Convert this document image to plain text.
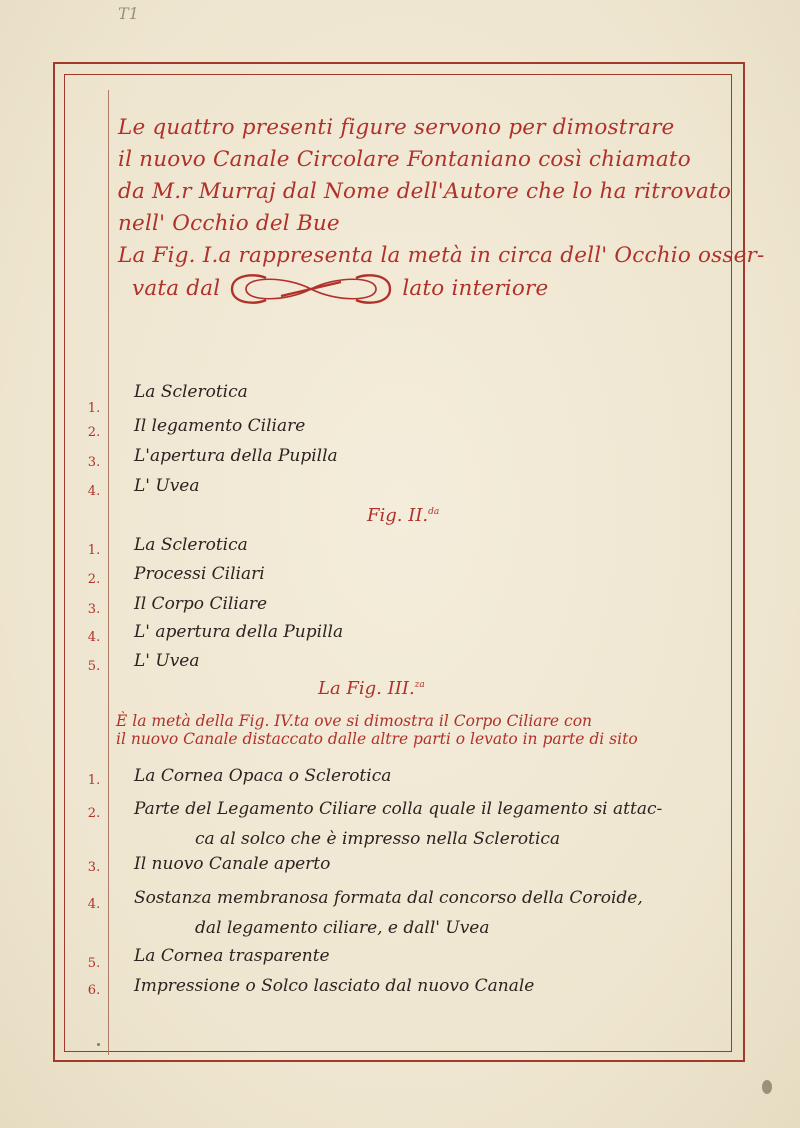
T1
Le quattro presenti figure servono per dimostrare
il nuovo Canale Circolare Fontaniano così chiamato
da M.r Murraj dal Nome dell'Autore che lo ha ritrovato
nell' Occhio del Bue
La Fig. I.a rappresenta la metà in circa dell' Occhio osser-
vata dal	lato interiore
1.
La Sclerotica
2. Il legamento Ciliare
3. L'apertura della Pupilla
4. L' Uvea
Fig. II.$^{da}$
1. La Sclerotica
2. Processi Ciliari
3. Il Corpo Ciliare
4. L' apertura della Pupilla
5. L' Uvea
La Fig. III.$^{za}$
È la metà della Fig. IV.ta ove si dimostra il Corpo Ciliare con
il nuovo Canale distaccato dalle altre parti o levato in parte di sito
1. La Cornea Opaca o Sclerotica
2. Parte del Legamento Ciliare colla quale il legamento si attac-
ca al solco che è impresso nella Sclerotica
3. Il nuovo Canale aperto
4. Sostanza membranosa formata dal concorso della Coroide,
dal legamento ciliare, e dall' Uvea
5. La Cornea trasparente
6. Impressione o Solco lasciato dal nuovo Canale
